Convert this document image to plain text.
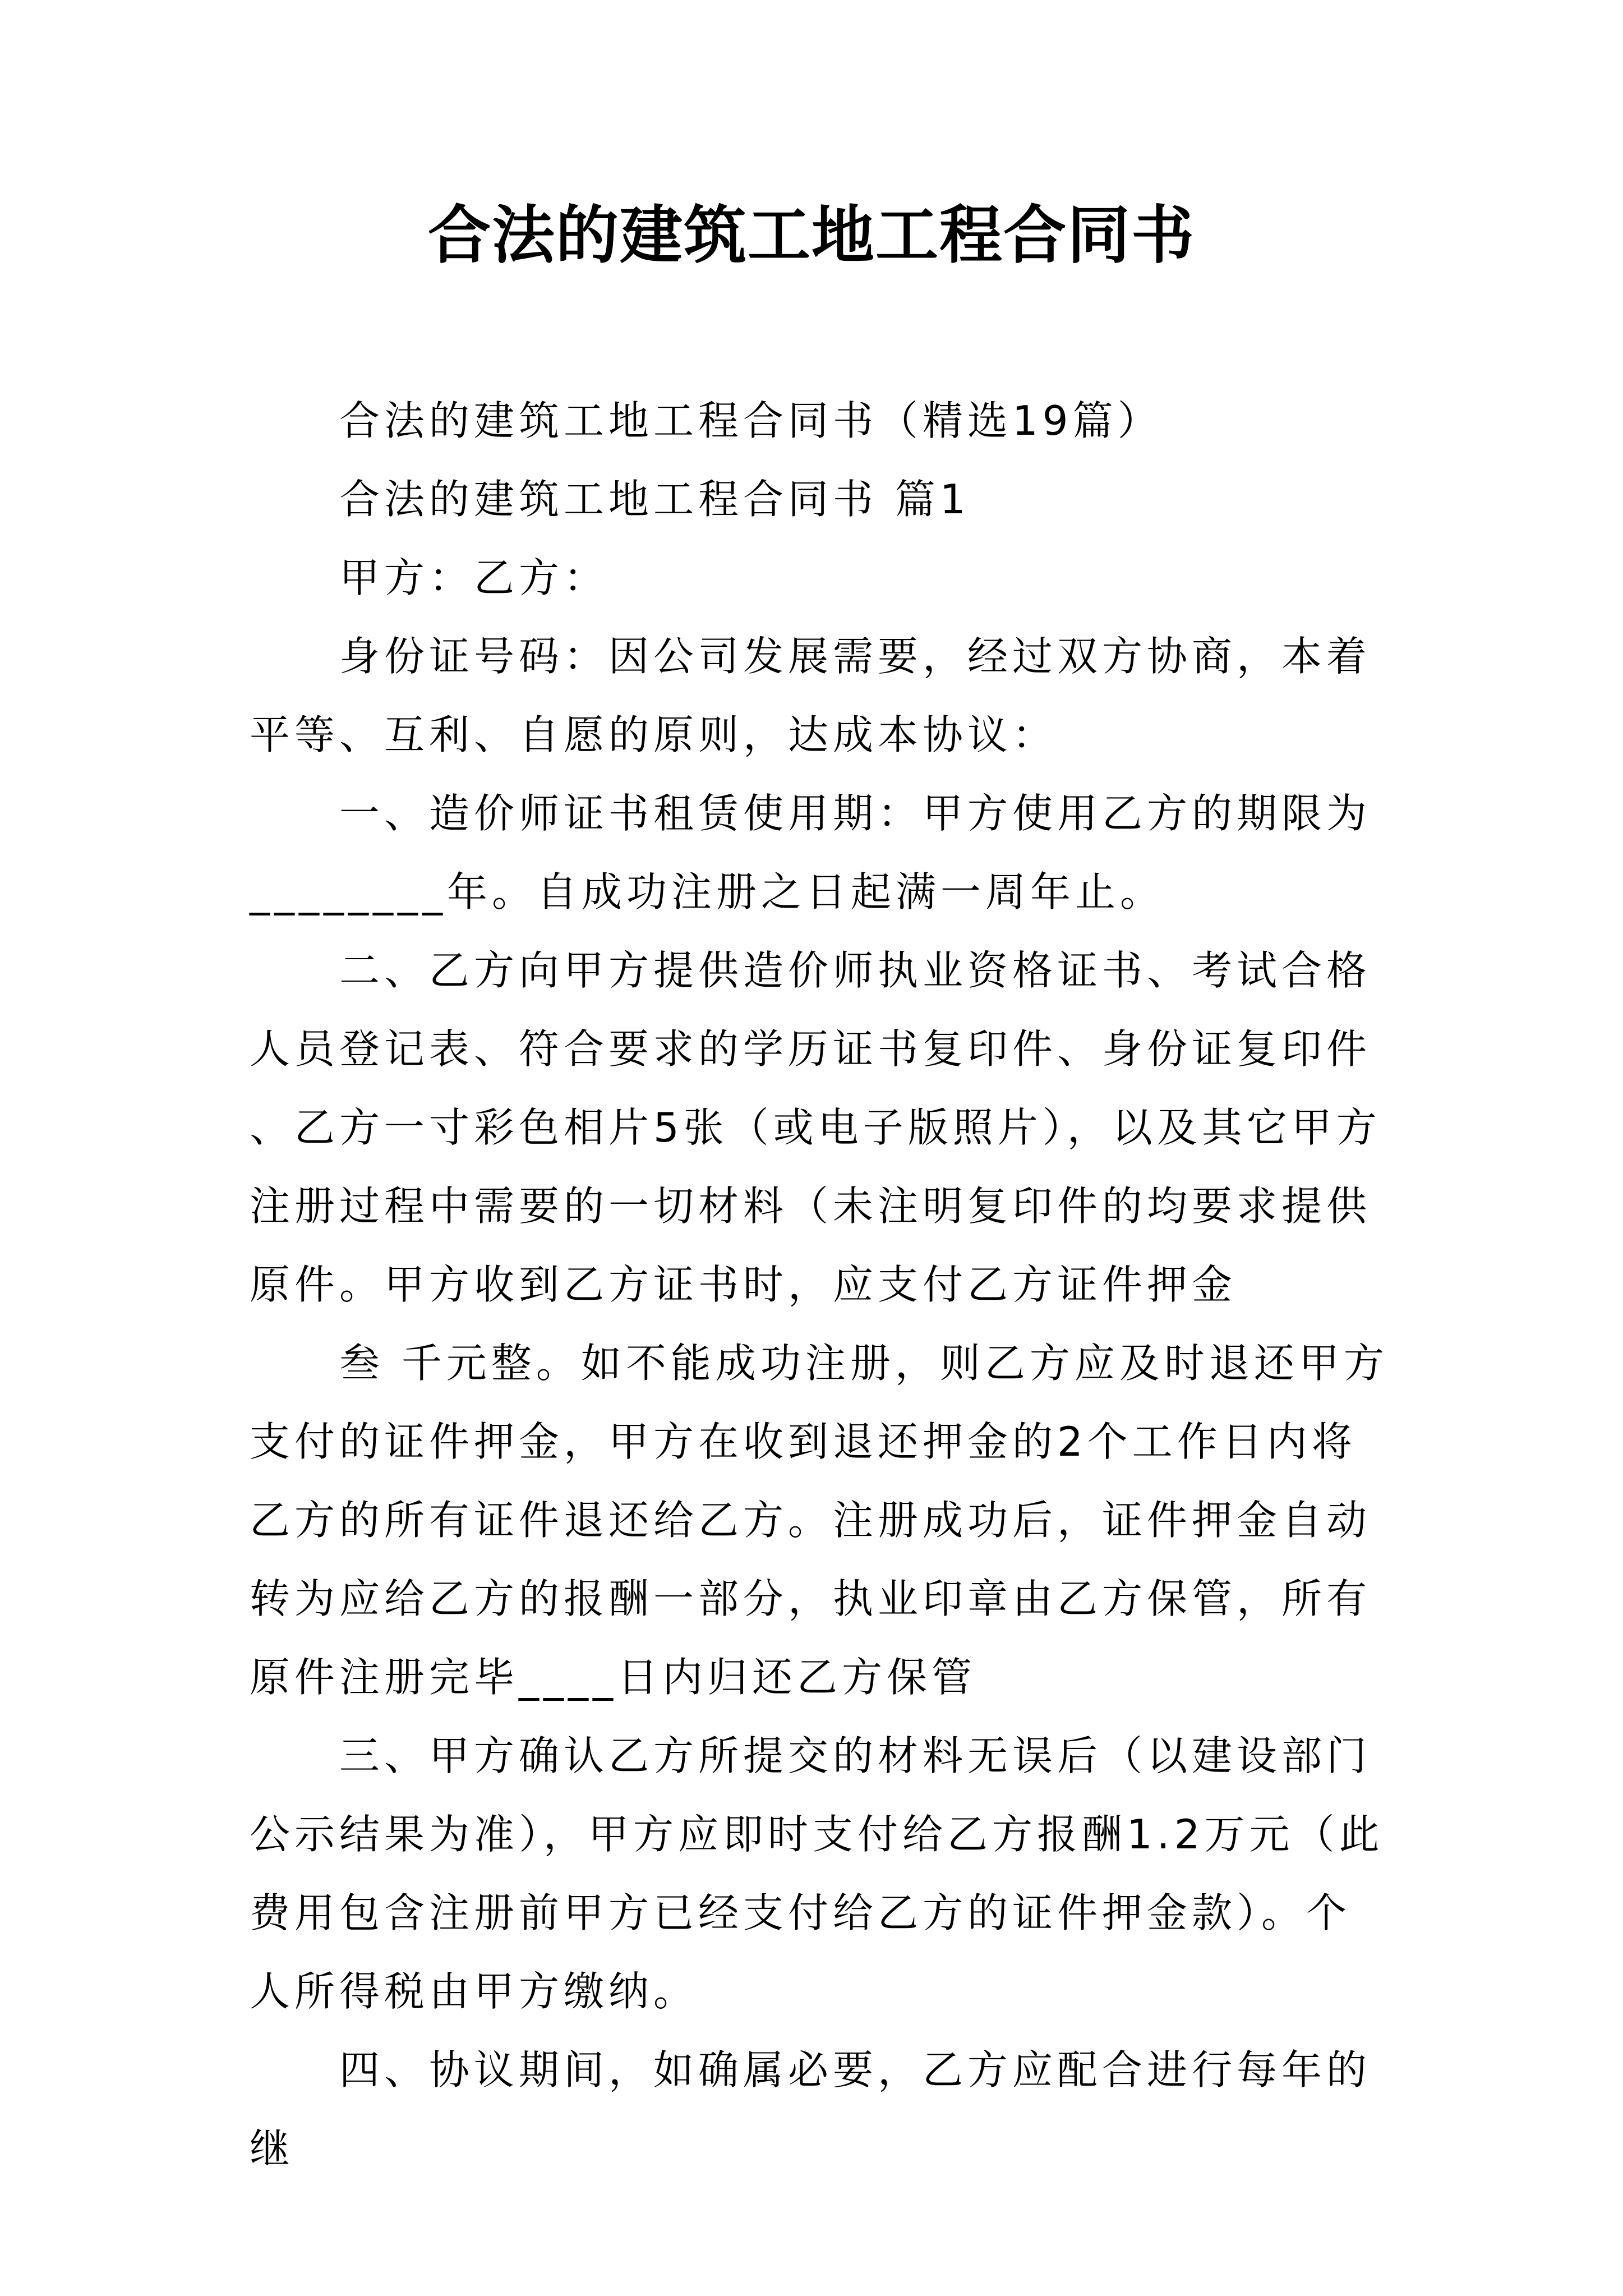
合法的建筑工地工程合同书

合法的建筑工地工程合同书（精选19篇）

合法的建筑工地工程合同书 篇1

甲方：乙方：

身份证号码：因公司发展需要，经过双方协商，本着平等、互利、自愿的原则，达成本协议：

一、造价师证书租赁使用期：甲方使用乙方的期限为________年。自成功注册之日起满一周年止。

二、乙方向甲方提供造价师执业资格证书、考试合格人员登记表、符合要求的学历证书复印件、身份证复印件、乙方一寸彩色相片5张（或电子版照片），以及其它甲方注册过程中需要的一切材料（未注明复印件的均要求提供原件。甲方收到乙方证书时，应支付乙方证件押金

叁 千元整。如不能成功注册，则乙方应及时退还甲方支付的证件押金，甲方在收到退还押金的2个工作日内将乙方的所有证件退还给乙方。注册成功后，证件押金自动转为应给乙方的报酬一部分，执业印章由乙方保管，所有原件注册完毕____日内归还乙方保管

三、甲方确认乙方所提交的材料无误后（以建设部门公示结果为准），甲方应即时支付给乙方报酬1.2万元（此费用包含注册前甲方已经支付给乙方的证件押金款）。个人所得税由甲方缴纳。

四、协议期间，如确属必要，乙方应配合进行每年的继
